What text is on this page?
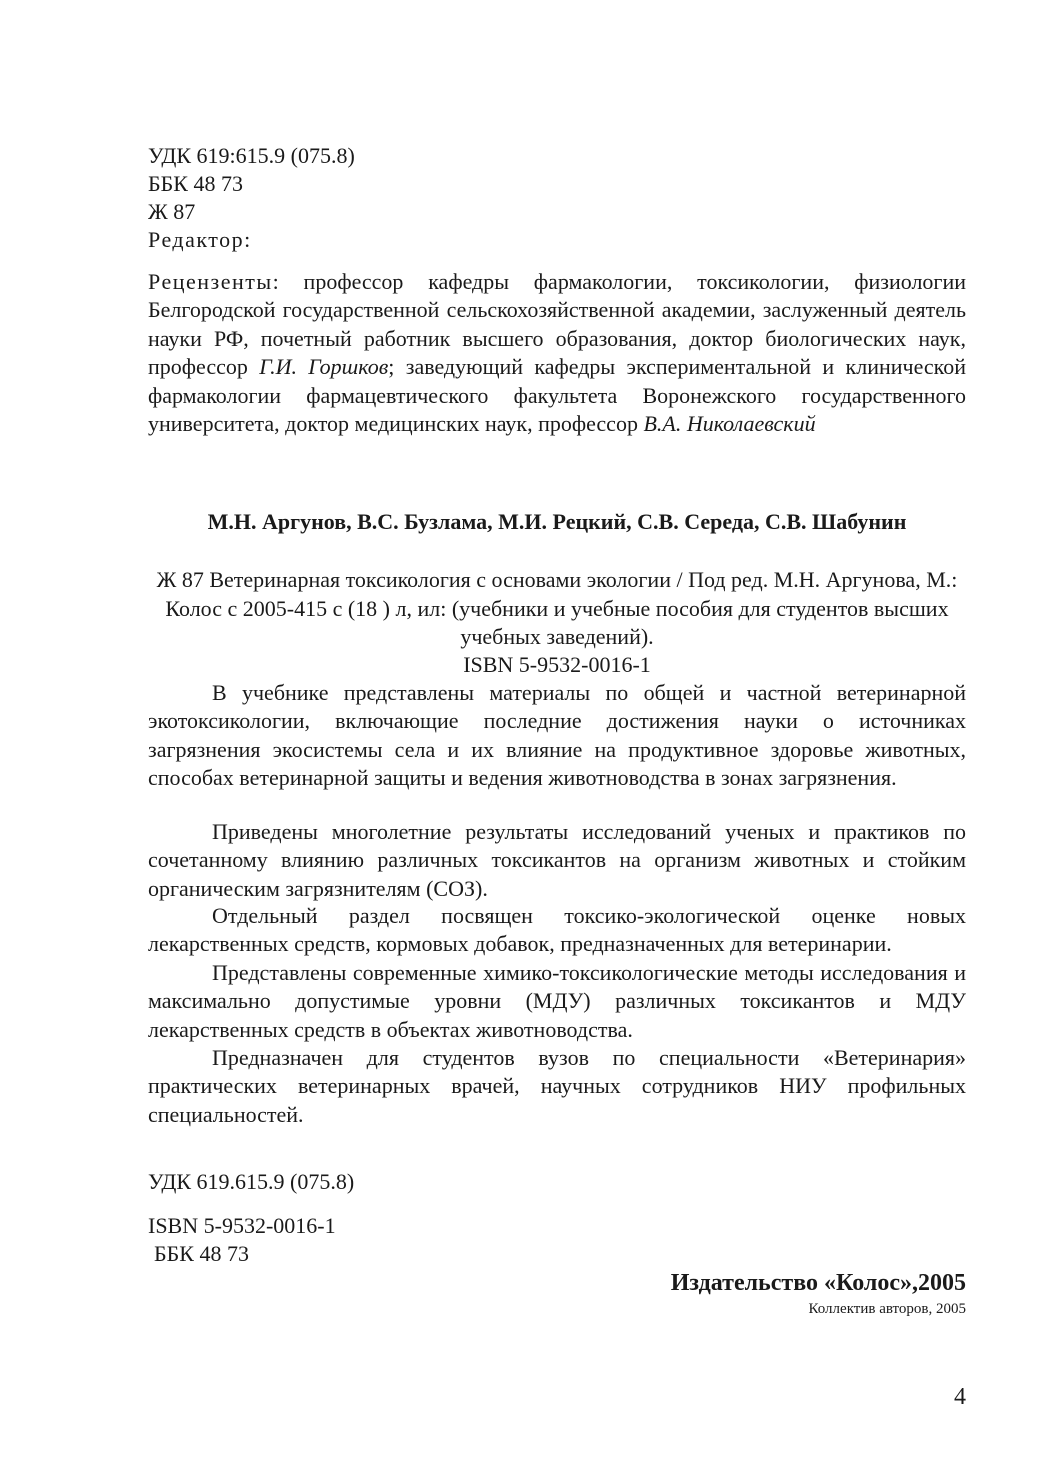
УДК 619:615.9 (075.8)
ББК 48 73
Ж 87
Редактор:
Рецензенты: профессор кафедры фармакологии, токсикологии, физиологии Белгородской государственной сельскохозяйственной академии, заслуженный деятель науки РФ, почетный работник высшего образования, доктор биологических наук, профессор Г.И. Горшков; заведующий кафедры экспериментальной и клинической фармакологии фармацевтического факультета Воронежского государственного университета, доктор медицинских наук, профессор В.А. Николаевский
М.Н. Аргунов, В.С. Бузлама, М.И. Рецкий, С.В. Середа, С.В. Шабунин
Ж 87 Ветеринарная токсикология с основами экологии / Под ред. М.Н. Аргунова, М.: Колос с 2005-415 с (18 ) л, ил: (учебники и учебные пособия для студентов высших учебных заведений).
ISBN 5-9532-0016-1
В учебнике представлены материалы по общей и частной ветеринарной экотоксикологии, включающие последние достижения науки о источниках загрязнения экосистемы села и их влияние на продуктивное здоровье животных, способах ветеринарной защиты и ведения животноводства в зонах загрязнения.
Приведены многолетние результаты исследований ученых и практиков по сочетанному влиянию различных токсикантов на организм животных и стойким органическим загрязнителям (СОЗ).
Отдельный раздел посвящен токсико-экологической оценке новых лекарственных средств, кормовых добавок, предназначенных для ветеринарии.
Представлены современные химико-токсикологические методы исследования и максимально допустимые уровни (МДУ) различных токсикантов и МДУ лекарственных средств в объектах животноводства.
Предназначен для студентов вузов по специальности «Ветеринария» практических ветеринарных врачей, научных сотрудников НИУ профильных специальностей.
УДК 619.615.9 (075.8)
ISBN 5-9532-0016-1
ББК 48 73
Издательство «Колос»,2005
Коллектив авторов, 2005
4
